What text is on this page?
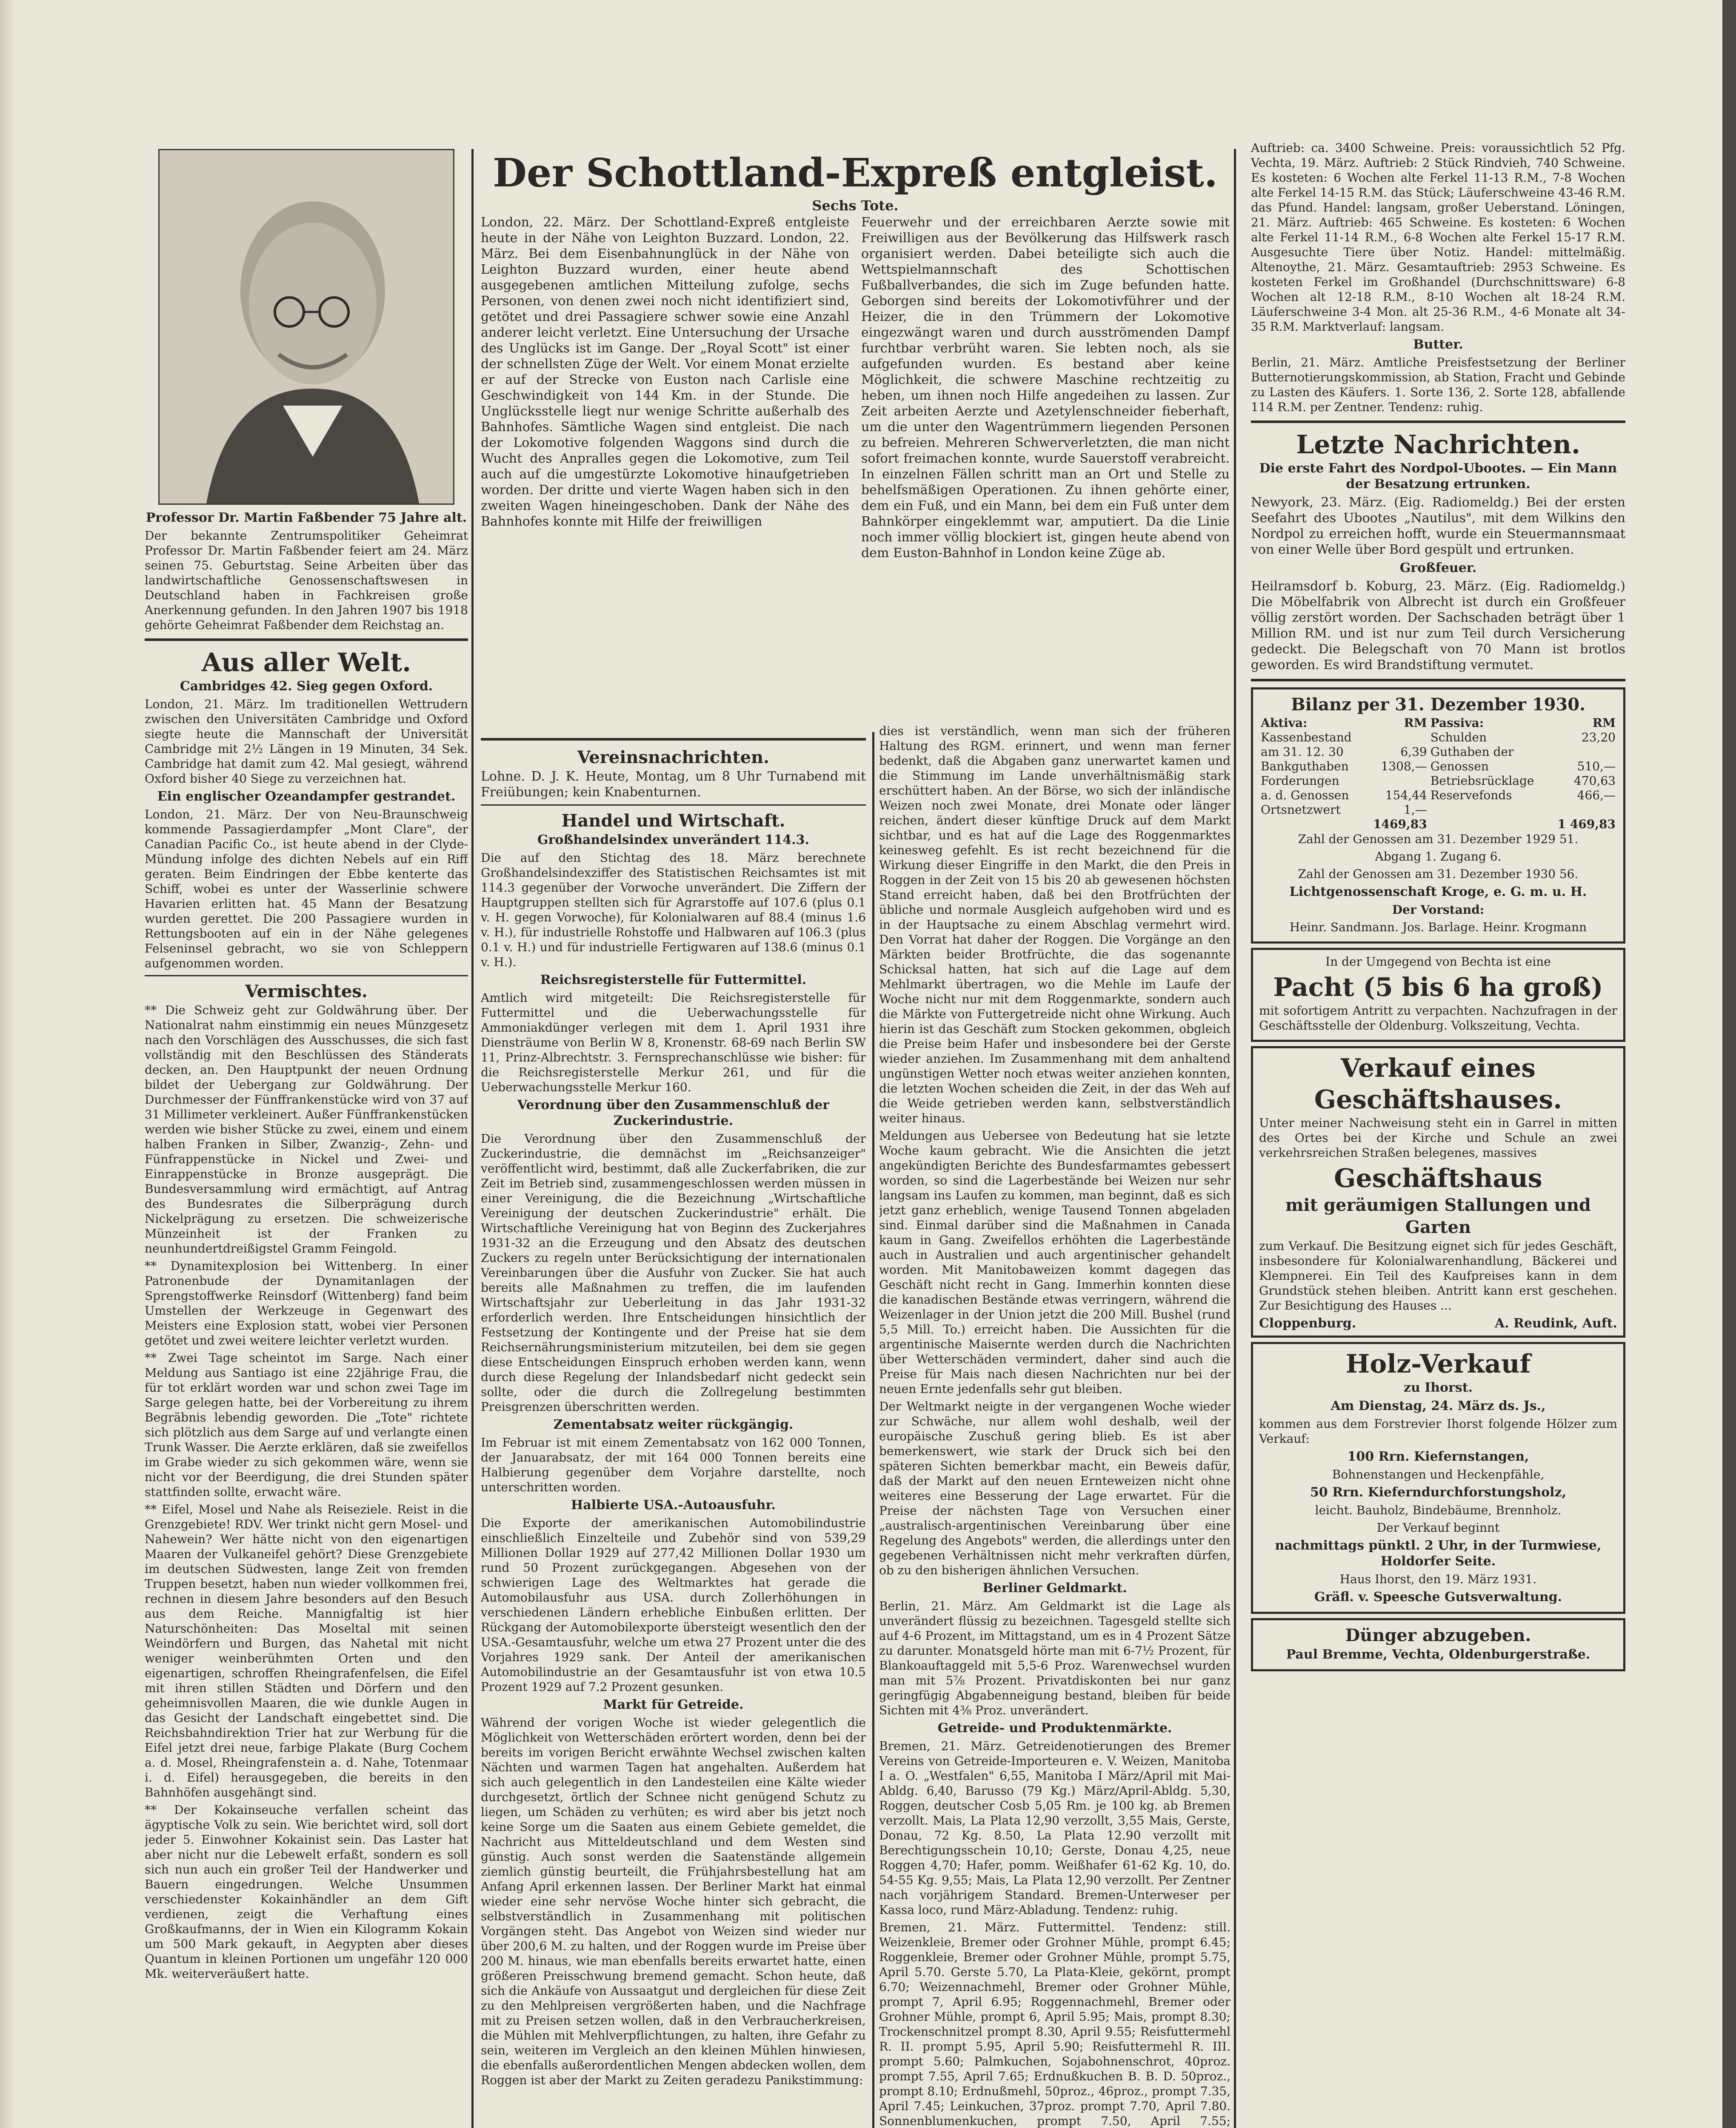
Professor Dr. Martin Faßbender 75 Jahre alt.

Der bekannte Zentrumspolitiker Geheimrat Professor Dr. Martin Faßbender feiert am 24. März seinen 75. Geburtstag. Seine Arbeiten über das landwirtschaftliche Genossenschaftswesen in Deutschland haben in Fachkreisen große Anerkennung gefunden. In den Jahren 1907 bis 1918 gehörte Geheimrat Faßbender dem Reichstag an.

Aus aller Welt.

Cambridges 42. Sieg gegen Oxford.

London, 21. März. Im traditionellen Wettrudern zwischen den Universitäten Cambridge und Oxford siegte heute die Mannschaft der Universität Cambridge mit 2½ Längen in 19 Minuten, 34 Sek. Cambridge hat damit zum 42. Mal gesiegt, während Oxford bisher 40 Siege zu verzeichnen hat.

Ein englischer Ozeandampfer gestrandet.

London, 21. März. Der von Neu-Braunschweig kommende Passagierdampfer „Mont Clare", der Canadian Pacific Co., ist heute abend in der Clyde-Mündung infolge des dichten Nebels auf ein Riff geraten. Beim Eindringen der Ebbe kenterte das Schiff, wobei es unter der Wasserlinie schwere Havarien erlitten hat. 45 Mann der Besatzung wurden gerettet. Die 200 Passagiere wurden in Rettungsbooten auf ein in der Nähe gelegenes Felseninsel gebracht, wo sie von Schleppern aufgenommen worden.

Vermischtes.

** Die Schweiz geht zur Goldwährung über. Der Nationalrat nahm einstimmig ein neues Münzgesetz nach den Vorschlägen des Ausschusses, die sich fast vollständig mit den Beschlüssen des Ständerats decken, an. Den Hauptpunkt der neuen Ordnung bildet der Uebergang zur Goldwährung. Der Durchmesser der Fünffrankenstücke wird von 37 auf 31 Millimeter verkleinert. Außer Fünffrankenstücken werden wie bisher Stücke zu zwei, einem und einem halben Franken in Silber, Zwanzig-, Zehn- und Fünfrappenstücke in Nickel und Zwei- und Einrappenstücke in Bronze ausgeprägt. Die Bundesversammlung wird ermächtigt, auf Antrag des Bundesrates die Silberprägung durch Nickelprägung zu ersetzen. Die schweizerische Münzeinheit ist der Franken zu neunhundertdreißigstel Gramm Feingold.

** Dynamitexplosion bei Wittenberg. In einer Patronenbude der Dynamitanlagen der Sprengstoffwerke Reinsdorf (Wittenberg) fand beim Umstellen der Werkzeuge in Gegenwart des Meisters eine Explosion statt, wobei vier Personen getötet und zwei weitere leichter verletzt wurden.

** Zwei Tage scheintot im Sarge. Nach einer Meldung aus Santiago ist eine 22jährige Frau, die für tot erklärt worden war und schon zwei Tage im Sarge gelegen hatte, bei der Vorbereitung zu ihrem Begräbnis lebendig geworden. Die „Tote" richtete sich plötzlich aus dem Sarge auf und verlangte einen Trunk Wasser. Die Aerzte erklären, daß sie zweifellos im Grabe wieder zu sich gekommen wäre, wenn sie nicht vor der Beerdigung, die drei Stunden später stattfinden sollte, erwacht wäre.

** Eifel, Mosel und Nahe als Reiseziele. Reist in die Grenzgebiete! RDV. Wer trinkt nicht gern Mosel- und Nahewein? Wer hätte nicht von den eigenartigen Maaren der Vulkaneifel gehört? Diese Grenzgebiete im deutschen Südwesten, lange Zeit von fremden Truppen besetzt, haben nun wieder vollkommen frei, rechnen in diesem Jahre besonders auf den Besuch aus dem Reiche. Mannigfaltig ist hier Naturschönheiten: Das Moseltal mit seinen Weindörfern und Burgen, das Nahetal mit nicht weniger weinberühmten Orten und den eigenartigen, schroffen Rheingrafenfelsen, die Eifel mit ihren stillen Städten und Dörfern und den geheimnisvollen Maaren, die wie dunkle Augen in das Gesicht der Landschaft eingebettet sind. Die Reichsbahndirektion Trier hat zur Werbung für die Eifel jetzt drei neue, farbige Plakate (Burg Cochem a. d. Mosel, Rheingrafenstein a. d. Nahe, Totenmaar i. d. Eifel) herausgegeben, die bereits in den Bahnhöfen ausgehängt sind.

** Der Kokainseuche verfallen scheint das ägyptische Volk zu sein. Wie berichtet wird, soll dort jeder 5. Einwohner Kokainist sein. Das Laster hat aber nicht nur die Lebewelt erfaßt, sondern es soll sich nun auch ein großer Teil der Handwerker und Bauern eingedrungen. Welche Unsummen verschiedenster Kokainhändler an dem Gift verdienen, zeigt die Verhaftung eines Großkaufmanns, der in Wien ein Kilogramm Kokain um 500 Mark gekauft, in Aegypten aber dieses Quantum in kleinen Portionen um ungefähr 120 000 Mk. weiterveräußert hatte.

Der Schottland-Expreß entgleist.
Sechs Tote.

London, 22. März. Der Schottland-Expreß entgleiste heute in der Nähe von Leighton Buzzard. London, 22. März. Bei dem Eisenbahnunglück in der Nähe von Leighton Buzzard wurden, einer heute abend ausgegebenen amtlichen Mitteilung zufolge, sechs Personen, von denen zwei noch nicht identifiziert sind, getötet und drei Passagiere schwer sowie eine Anzahl anderer leicht verletzt. Eine Untersuchung der Ursache des Unglücks ist im Gange. Der „Royal Scott" ist einer der schnellsten Züge der Welt. Vor einem Monat erzielte er auf der Strecke von Euston nach Carlisle eine Geschwindigkeit von 144 Km. in der Stunde. Die Unglücksstelle liegt nur wenige Schritte außerhalb des Bahnhofes. Sämtliche Wagen sind entgleist. Die nach der Lokomotive folgenden Waggons sind durch die Wucht des Anpralles gegen die Lokomotive, zum Teil auch auf die umgestürzte Lokomotive hinaufgetrieben worden. Der dritte und vierte Wagen haben sich in den zweiten Wagen hineingeschoben. Dank der Nähe des Bahnhofes konnte mit Hilfe der freiwilligen

Feuerwehr und der erreichbaren Aerzte sowie mit Freiwilligen aus der Bevölkerung das Hilfswerk rasch organisiert werden. Dabei beteiligte sich auch die Wettspielmannschaft des Schottischen Fußballverbandes, die sich im Zuge befunden hatte. Geborgen sind bereits der Lokomotivführer und der Heizer, die in den Trümmern der Lokomotive eingezwängt waren und durch ausströmenden Dampf furchtbar verbrüht waren. Sie lebten noch, als sie aufgefunden wurden. Es bestand aber keine Möglichkeit, die schwere Maschine rechtzeitig zu heben, um ihnen noch Hilfe angedeihen zu lassen. Zur Zeit arbeiten Aerzte und Azetylenschneider fieberhaft, um die unter den Wagentrümmern liegenden Personen zu befreien. Mehreren Schwerverletzten, die man nicht sofort freimachen konnte, wurde Sauerstoff verabreicht. In einzelnen Fällen schritt man an Ort und Stelle zu behelfsmäßigen Operationen. Zu ihnen gehörte einer, dem ein Fuß, und ein Mann, bei dem ein Fuß unter dem Bahnkörper eingeklemmt war, amputiert. Da die Linie noch immer völlig blockiert ist, gingen heute abend von dem Euston-Bahnhof in London keine Züge ab.

Vereinsnachrichten.

Lohne. D. J. K. Heute, Montag, um 8 Uhr Turnabend mit Freiübungen; kein Knabenturnen.

Handel und Wirtschaft.

Großhandelsindex unverändert 114.3.

Die auf den Stichtag des 18. März berechnete Großhandelsindexziffer des Statistischen Reichsamtes ist mit 114.3 gegenüber der Vorwoche unverändert. Die Ziffern der Hauptgruppen stellten sich für Agrarstoffe auf 107.6 (plus 0.1 v. H. gegen Vorwoche), für Kolonialwaren auf 88.4 (minus 1.6 v. H.), für industrielle Rohstoffe und Halbwaren auf 106.3 (plus 0.1 v. H.) und für industrielle Fertigwaren auf 138.6 (minus 0.1 v. H.).

Reichsregisterstelle für Futtermittel.

Amtlich wird mitgeteilt: Die Reichsregisterstelle für Futtermittel und die Ueberwachungsstelle für Ammoniakdünger verlegen mit dem 1. April 1931 ihre Diensträume von Berlin W 8, Kronenstr. 68-69 nach Berlin SW 11, Prinz-Albrechtstr. 3. Fernsprechanschlüsse wie bisher: für die Reichsregisterstelle Merkur 261, und für die Ueberwachungsstelle Merkur 160.

Verordnung über den Zusammenschluß der Zuckerindustrie.

Die Verordnung über den Zusammenschluß der Zuckerindustrie, die demnächst im „Reichsanzeiger" veröffentlicht wird, bestimmt, daß alle Zuckerfabriken, die zur Zeit im Betrieb sind, zusammengeschlossen werden müssen in einer Vereinigung, die die Bezeichnung „Wirtschaftliche Vereinigung der deutschen Zuckerindustrie" erhält. Die Wirtschaftliche Vereinigung hat von Beginn des Zuckerjahres 1931-32 an die Erzeugung und den Absatz des deutschen Zuckers zu regeln unter Berücksichtigung der internationalen Vereinbarungen über die Ausfuhr von Zucker. Sie hat auch bereits alle Maßnahmen zu treffen, die im laufenden Wirtschaftsjahr zur Ueberleitung in das Jahr 1931-32 erforderlich werden. Ihre Entscheidungen hinsichtlich der Festsetzung der Kontingente und der Preise hat sie dem Reichsernährungsministerium mitzuteilen, bei dem sie gegen diese Entscheidungen Einspruch erhoben werden kann, wenn durch diese Regelung der Inlandsbedarf nicht gedeckt sein sollte, oder die durch die Zollregelung bestimmten Preisgrenzen überschritten werden.

Zementabsatz weiter rückgängig.

Im Februar ist mit einem Zementabsatz von 162 000 Tonnen, der Januarabsatz, der mit 164 000 Tonnen bereits eine Halbierung gegenüber dem Vorjahre darstellte, noch unterschritten worden.

Halbierte USA.-Autoausfuhr.

Die Exporte der amerikanischen Automobilindustrie einschließlich Einzelteile und Zubehör sind von 539,29 Millionen Dollar 1929 auf 277,42 Millionen Dollar 1930 um rund 50 Prozent zurückgegangen. Abgesehen von der schwierigen Lage des Weltmarktes hat gerade die Automobilausfuhr aus USA. durch Zollerhöhungen in verschiedenen Ländern erhebliche Einbußen erlitten. Der Rückgang der Automobilexporte übersteigt wesentlich den der USA.-Gesamtausfuhr, welche um etwa 27 Prozent unter die des Vorjahres 1929 sank. Der Anteil der amerikanischen Automobilindustrie an der Gesamtausfuhr ist von etwa 10.5 Prozent 1929 auf 7.2 Prozent gesunken.

Markt für Getreide.

Während der vorigen Woche ist wieder gelegentlich die Möglichkeit von Wetterschäden erörtert worden, denn bei der bereits im vorigen Bericht erwähnte Wechsel zwischen kalten Nächten und warmen Tagen hat angehalten. Außerdem hat sich auch gelegentlich in den Landesteilen eine Kälte wieder durchgesetzt, örtlich der Schnee nicht genügend Schutz zu liegen, um Schäden zu verhüten; es wird aber bis jetzt noch keine Sorge um die Saaten aus einem Gebiete gemeldet, die Nachricht aus Mitteldeutschland und dem Westen sind günstig. Auch sonst werden die Saatenstände allgemein ziemlich günstig beurteilt, die Frühjahrsbestellung hat am Anfang April erkennen lassen. Der Berliner Markt hat einmal wieder eine sehr nervöse Woche hinter sich gebracht, die selbstverständlich in Zusammenhang mit politischen Vorgängen steht. Das Angebot von Weizen sind wieder nur über 200,6 M. zu halten, und der Roggen wurde im Preise über 200 M. hinaus, wie man ebenfalls bereits erwartet hatte, einen größeren Preisschwung bremend gemacht. Schon heute, daß sich die Ankäufe von Aussaatgut und dergleichen für diese Zeit zu den Mehlpreisen vergrößerten haben, und die Nachfrage mit zu Preisen setzen wollen, daß in den Verbraucherkreisen, die Mühlen mit Mehlverpflichtungen, zu halten, ihre Gefahr zu sein, weiteren im Vergleich an den kleinen Mühlen hinwiesen, die ebenfalls außerordentlichen Mengen abdecken wollen, dem Roggen ist aber der Markt zu Zeiten geradezu Panikstimmung:

dies ist verständlich, wenn man sich der früheren Haltung des RGM. erinnert, und wenn man ferner bedenkt, daß die Abgaben ganz unerwartet kamen und die Stimmung im Lande unverhältnismäßig stark erschüttert haben. An der Börse, wo sich der inländische Weizen noch zwei Monate, drei Monate oder länger reichen, ändert dieser künftige Druck auf dem Markt sichtbar, und es hat auf die Lage des Roggenmarktes keinesweg gefehlt. Es ist recht bezeichnend für die Wirkung dieser Eingriffe in den Markt, die den Preis in Roggen in der Zeit von 15 bis 20 ab gewesenen höchsten Stand erreicht haben, daß bei den Brotfrüchten der übliche und normale Ausgleich aufgehoben wird und es in der Hauptsache zu einem Abschlag vermehrt wird. Den Vorrat hat daher der Roggen. Die Vorgänge an den Märkten beider Brotfrüchte, die das sogenannte Schicksal hatten, hat sich auf die Lage auf dem Mehlmarkt übertragen, wo die Mehle im Laufe der Woche nicht nur mit dem Roggenmarkte, sondern auch die Märkte von Futtergetreide nicht ohne Wirkung. Auch hierin ist das Geschäft zum Stocken gekommen, obgleich die Preise beim Hafer und insbesondere bei der Gerste wieder anziehen. Im Zusammenhang mit dem anhaltend ungünstigen Wetter noch etwas weiter anziehen konnten, die letzten Wochen scheiden die Zeit, in der das Weh auf die Weide getrieben werden kann, selbstverständlich weiter hinaus.

Meldungen aus Uebersee von Bedeutung hat sie letzte Woche kaum gebracht. Wie die Ansichten die jetzt angekündigten Berichte des Bundesfarmamtes gebessert worden, so sind die Lagerbestände bei Weizen nur sehr langsam ins Laufen zu kommen, man beginnt, daß es sich jetzt ganz erheblich, wenige Tausend Tonnen abgeladen sind. Einmal darüber sind die Maßnahmen in Canada kaum in Gang. Zweifellos erhöhten die Lagerbestände auch in Australien und auch argentinischer gehandelt worden. Mit Manitobaweizen kommt dagegen das Geschäft nicht recht in Gang. Immerhin konnten diese die kanadischen Bestände etwas verringern, während die Weizenlager in der Union jetzt die 200 Mill. Bushel (rund 5,5 Mill. To.) erreicht haben. Die Aussichten für die argentinische Maisernte werden durch die Nachrichten über Wetterschäden vermindert, daher sind auch die Preise für Mais nach diesen Nachrichten nur bei der neuen Ernte jedenfalls sehr gut bleiben.

Der Weltmarkt neigte in der vergangenen Woche wieder zur Schwäche, nur allem wohl deshalb, weil der europäische Zuschuß gering blieb. Es ist aber bemerkenswert, wie stark der Druck sich bei den späteren Sichten bemerkbar macht, ein Beweis dafür, daß der Markt auf den neuen Ernteweizen nicht ohne weiteres eine Besserung der Lage erwartet. Für die Preise der nächsten Tage von Versuchen einer „australisch-argentinischen Vereinbarung über eine Regelung des Angebots" werden, die allerdings unter den gegebenen Verhältnissen nicht mehr verkraften dürfen, ob zu den bisherigen ähnlichen Versuchen.

Berliner Geldmarkt.

Berlin, 21. März. Am Geldmarkt ist die Lage als unverändert flüssig zu bezeichnen. Tagesgeld stellte sich auf 4-6 Prozent, im Mittagstand, um es in 4 Prozent Sätze zu darunter. Monatsgeld hörte man mit 6-7½ Prozent, für Blankoauftaggeld mit 5,5-6 Proz. Warenwechsel wurden man mit 5⅞ Prozent. Privatdiskonten bei nur ganz geringfügig Abgabenneigung bestand, bleiben für beide Sichten mit 4⅜ Proz. unverändert.

Getreide- und Produktenmärkte.

Bremen, 21. März. Getreidenotierungen des Bremer Vereins von Getreide-Importeuren e. V. Weizen, Manitoba I a. O. „Westfalen" 6,55, Manitoba I März/April mit Mai-Abldg. 6,40, Barusso (79 Kg.) März/April-Abldg. 5,30, Roggen, deutscher Cosb 5,05 Rm. je 100 kg. ab Bremen verzollt. Mais, La Plata 12,90 verzollt, 3,55 Mais, Gerste, Donau, 72 Kg. 8.50, La Plata 12.90 verzollt mit Berechtigungsschein 10,10; Gerste, Donau 4,25, neue Roggen 4,70; Hafer, pomm. Weißhafer 61-62 Kg. 10, do. 54-55 Kg. 9,55; Mais, La Plata 12,90 verzollt. Per Zentner nach vorjährigem Standard. Bremen-Unterweser per Kassa loco, rund März-Abladung. Tendenz: ruhig.

Bremen, 21. März. Futtermittel. Tendenz: still. Weizenkleie, Bremer oder Grohner Mühle, prompt 6.45; Roggenkleie, Bremer oder Grohner Mühle, prompt 5.75, April 5.70. Gerste 5.70, La Plata-Kleie, gekörnt, prompt 6.70; Weizennachmehl, Bremer oder Grohner Mühle, prompt 7, April 6.95; Roggennachmehl, Bremer oder Grohner Mühle, prompt 6, April 5.95; Mais, prompt 8.30; Trockenschnitzel prompt 8.30, April 9.55; Reisfuttermehl R. II. prompt 5.95, April 5.90; Reisfuttermehl R. III. prompt 5.60; Palmkuchen, Sojabohnenschrot, 40proz. prompt 7.55, April 7.65; Erdnußkuchen B. B. D. 50proz., prompt 8.10; Erdnußmehl, 50proz., 46proz., prompt 7.35, April 7.45; Leinkuchen, 37proz. prompt 7.70, April 7.80. Sonnenblumenkuchen, prompt 7.50, April 7.55;

Auftrieb: ca. 3400 Schweine. Preis: voraussichtlich 52 Pfg. Vechta, 19. März. Auftrieb: 2 Stück Rindvieh, 740 Schweine. Es kosteten: 6 Wochen alte Ferkel 11-13 R.M., 7-8 Wochen alte Ferkel 14-15 R.M. das Stück; Läuferschweine 43-46 R.M. das Pfund. Handel: langsam, großer Ueberstand. Löningen, 21. März. Auftrieb: 465 Schweine. Es kosteten: 6 Wochen alte Ferkel 11-14 R.M., 6-8 Wochen alte Ferkel 15-17 R.M. Ausgesuchte Tiere über Notiz. Handel: mittelmäßig. Altenoythe, 21. März. Gesamtauftrieb: 2953 Schweine. Es kosteten Ferkel im Großhandel (Durchschnittsware) 6-8 Wochen alt 12-18 R.M., 8-10 Wochen alt 18-24 R.M. Läuferschweine 3-4 Mon. alt 25-36 R.M., 4-6 Monate alt 34-35 R.M. Marktverlauf: langsam.

Butter.

Berlin, 21. März. Amtliche Preisfestsetzung der Berliner Butternotierungskommission, ab Station, Fracht und Gebinde zu Lasten des Käufers. 1. Sorte 136, 2. Sorte 128, abfallende 114 R.M. per Zentner. Tendenz: ruhig.

Letzte Nachrichten.

Die erste Fahrt des Nordpol-Ubootes. — Ein Mann der Besatzung ertrunken.

Newyork, 23. März. (Eig. Radiomeldg.) Bei der ersten Seefahrt des Ubootes „Nautilus", mit dem Wilkins den Nordpol zu erreichen hofft, wurde ein Steuermannsmaat von einer Welle über Bord gespült und ertrunken.

Großfeuer.

Heilramsdorf b. Koburg, 23. März. (Eig. Radiomeldg.) Die Möbelfabrik von Albrecht ist durch ein Großfeuer völlig zerstört worden. Der Sachschaden beträgt über 1 Million RM. und ist nur zum Teil durch Versicherung gedeckt. Die Belegschaft von 70 Mann ist brotlos geworden. Es wird Brandstiftung vermutet.

Bilanz per 31. Dezember 1930.
Aktiva:	RM	Passiva:	RM
Kassenbestand		Schulden	23,20
am 31. 12. 30	6,39	Guthaben der	
Bankguthaben	1308,—	Genossen	510,—
Forderungen		Betriebsrücklage	470,63
a. d. Genossen	154,44	Reservefonds	466,—
Ortsnetzwert	1,—		
	1469,83		1 469,83

Zahl der Genossen am 31. Dezember 1929 51.

Abgang 1. Zugang 6.

Zahl der Genossen am 31. Dezember 1930 56.

Lichtgenossenschaft Kroge, e. G. m. u. H.

Der Vorstand:

Heinr. Sandmann. Jos. Barlage. Heinr. Krogmann

In der Umgegend von Bechta ist eine

Pacht (5 bis 6 ha groß)

mit sofortigem Antritt zu verpachten. Nachzufragen in der Geschäftsstelle der Oldenburg. Volkszeitung, Vechta.

Verkauf eines
Geschäftshauses.

Unter meiner Nachweisung steht ein in Garrel in mitten des Ortes bei der Kirche und Schule an zwei verkehrsreichen Straßen belegenes, massives

Geschäftshaus
mit geräumigen Stallungen und Garten

zum Verkauf. Die Besitzung eignet sich für jedes Geschäft, insbesondere für Kolonialwarenhandlung, Bäckerei und Klempnerei. Ein Teil des Kaufpreises kann in dem Grundstück stehen bleiben. Antritt kann erst geschehen. Zur Besichtigung des Hauses ...

Cloppenburg.	A. Reudink, Auft.
Holz-Verkauf

zu Ihorst.

Am Dienstag, 24. März ds. Js.,

kommen aus dem Forstrevier Ihorst folgende Hölzer zum Verkauf:

100 Rrn. Kiefernstangen,

Bohnenstangen und Heckenpfähle,

50 Rrn. Kieferndurchforstungsholz,

leicht. Bauholz, Bindebäume, Brennholz.

Der Verkauf beginnt

nachmittags pünktl. 2 Uhr, in der Turmwiese, Holdorfer Seite.

Haus Ihorst, den 19. März 1931.

Gräfl. v. Speesche Gutsverwaltung.

Dünger abzugeben.

Paul Bremme, Vechta, Oldenburgerstraße.
